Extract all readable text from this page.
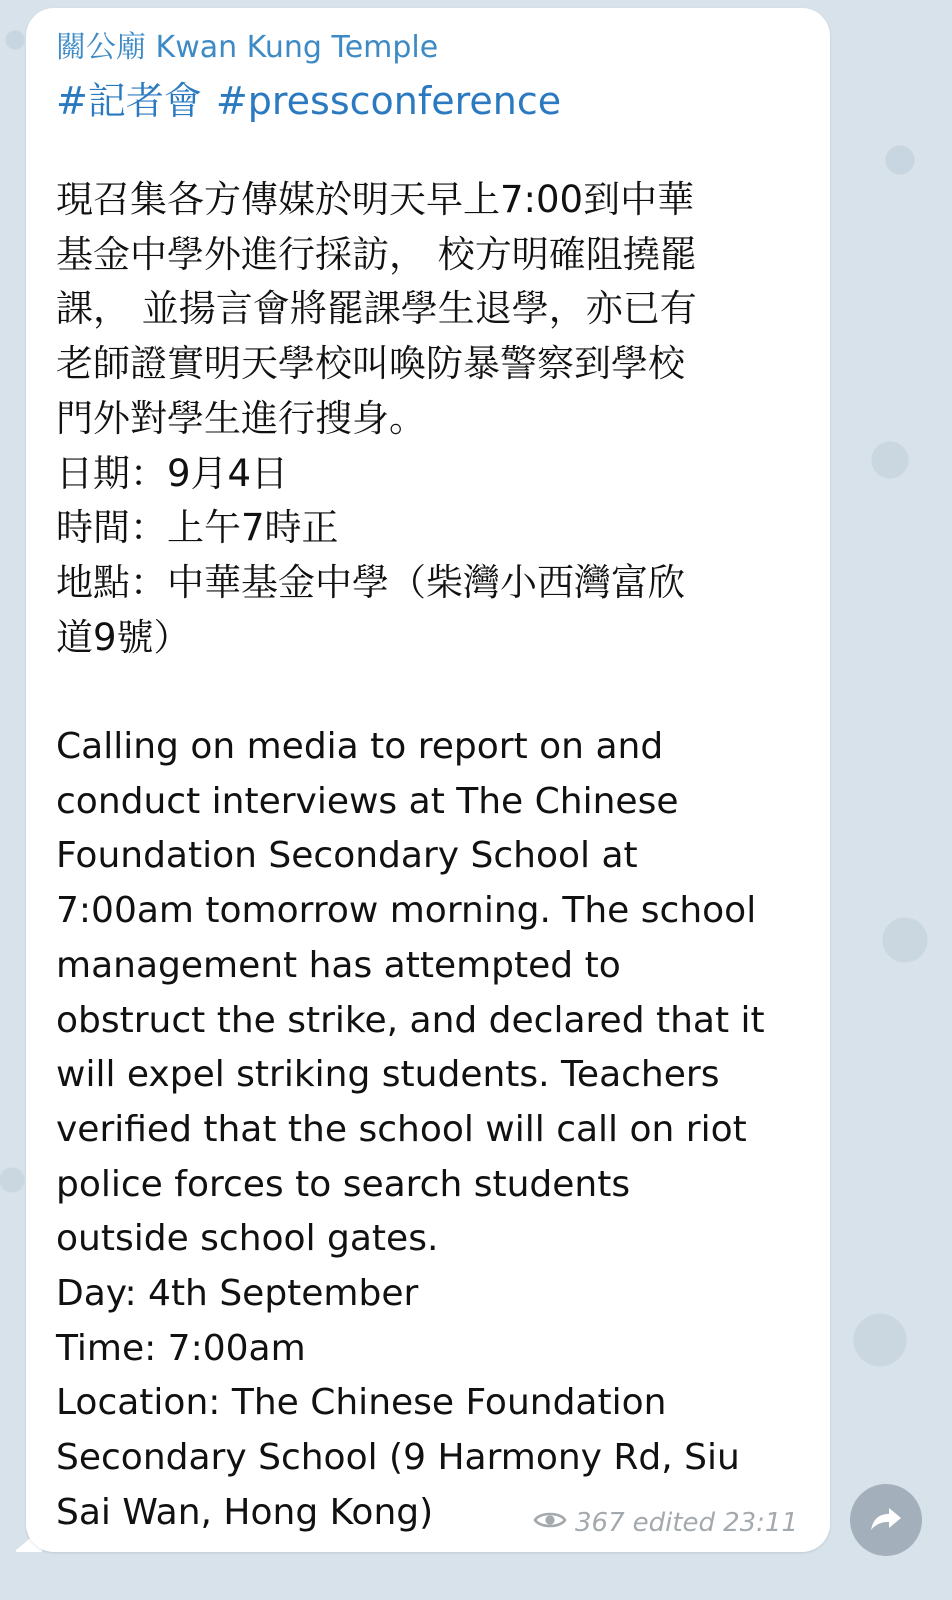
關公廟 Kwan Kung Temple
#記者會 #pressconference

現召集各方傳媒於明天早上7:00到中華

基金中學外進行採訪， 校方明確阻撓罷

課， 並揚言會將罷課學生退學，亦已有

老師證實明天學校叫喚防暴警察到學校

門外對學生進行搜身。

日期：9月4日

時間：上午7時正

地點：中華基金中學（柴灣小西灣富欣

道9號）

Calling on media to report on and

conduct interviews at The Chinese

Foundation Secondary School at

7:00am tomorrow morning. The school

management has attempted to

obstruct the strike, and declared that it

will expel striking students. Teachers

verified that the school will call on riot

police forces to search students

outside school gates.

Day: 4th September

Time: 7:00am

Location: The Chinese Foundation

Secondary School (9 Harmony Rd, Siu

Sai Wan, Hong Kong)	367 edited 23:11
